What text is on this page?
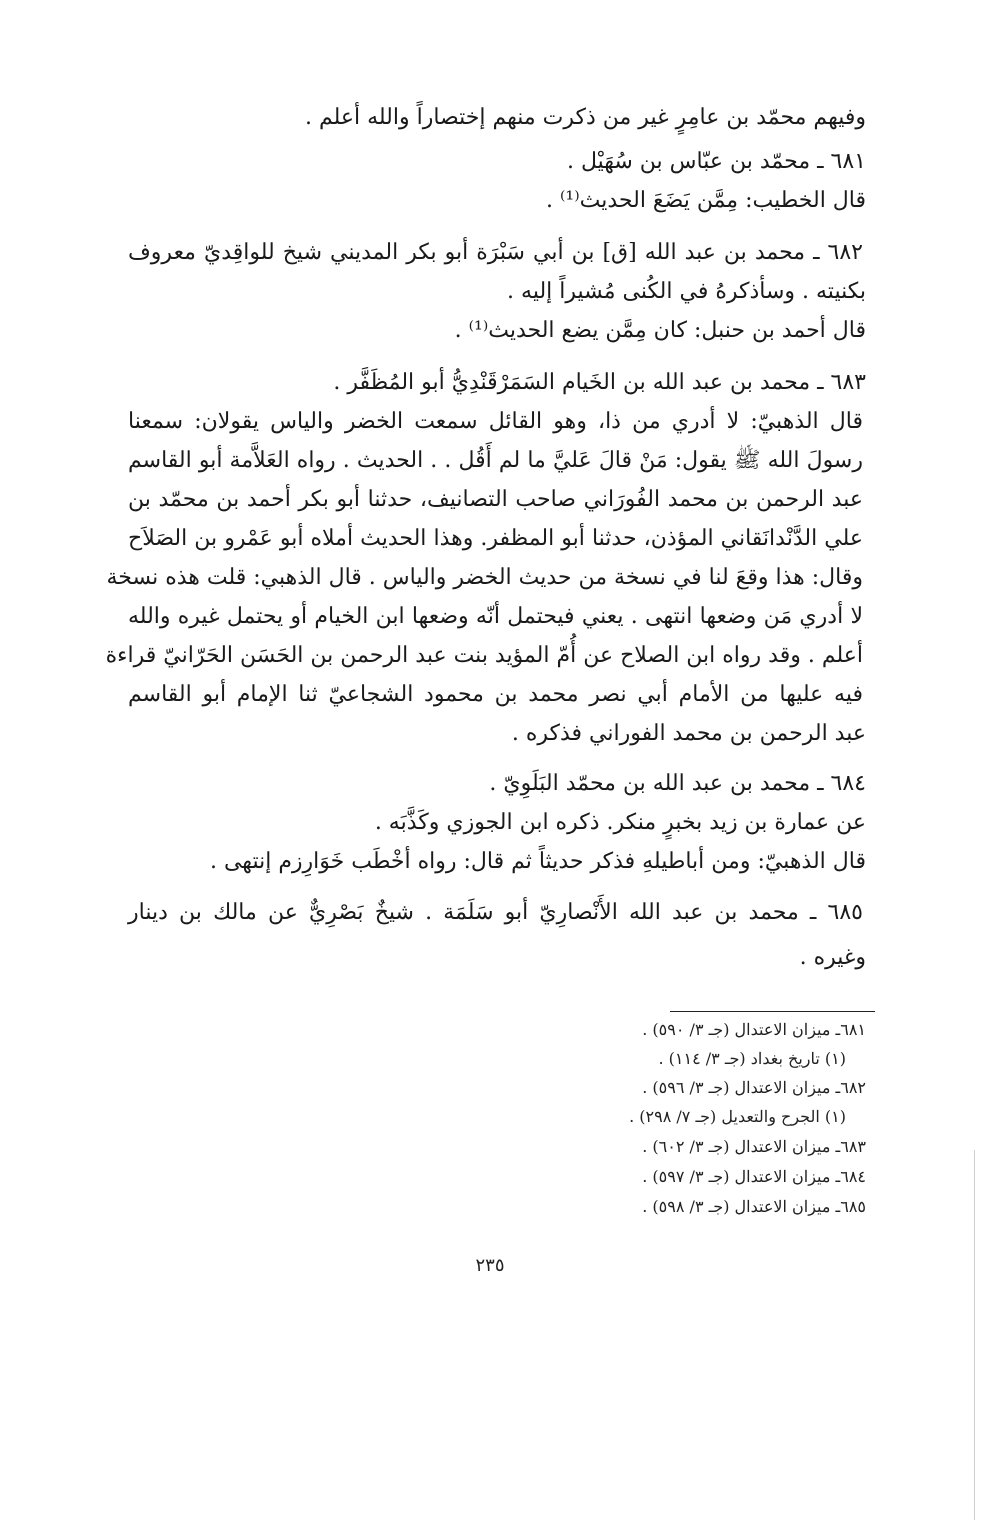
وفيهم محمّد بن عامِرٍ غير من ذكرت منهم إختصاراً والله أعلم .
٦٨١ ـ محمّد بن عبّاس بن سُهَيْل .
قال الخطيب: مِمَّن يَضَعَ الحديث⁽¹⁾ .
٦٨٢ ـ محمد بن عبد الله [ق] بن أبي سَبْرَة أبو بكر المديني شيخ للواقِديّ معروف
بكنيته . وسأذكرهُ في الكُنى مُشيراً إليه .
قال أحمد بن حنبل: كان مِمَّن يضع الحديث⁽¹⁾ .
٦٨٣ ـ محمد بن عبد الله بن الخَيام السَمَرْقَنْدِيُّ أبو المُظَفَّر .
قال الذهبيّ: لا أدري من ذا، وهو القائل سمعت الخضر والياس يقولان: سمعنا
رسولَ الله ﷺ يقول: مَنْ قالَ عَليَّ ما لم أَقُل . . الحديث . رواه العَلاَّمة أبو القاسم
عبد الرحمن بن محمد الفُورَاني صاحب التصانيف، حدثنا أبو بكر أحمد بن محمّد بن
علي الدَّنْدانَقاني المؤذن، حدثنا أبو المظفر. وهذا الحديث أملاه أبو عَمْرو بن الصَلاَح
وقال: هذا وقعَ لنا في نسخة من حديث الخضر والياس . قال الذهبي: قلت هذه نسخة
لا أدري مَن وضعها انتهى . يعني فيحتمل أنّه وضعها ابن الخيام أو يحتمل غيره والله
أعلم . وقد رواه ابن الصلاح عن أُمّ المؤيد بنت عبد الرحمن بن الحَسَن الحَرّانيّ قراءة
فيه عليها من الأمام أبي نصر محمد بن محمود الشجاعيّ ثنا الإمام أبو القاسم
عبد الرحمن بن محمد الفوراني فذكره .
٦٨٤ ـ محمد بن عبد الله بن محمّد البَلَوِيّ .
عن عمارة بن زيد بخبرٍ منكر. ذكره ابن الجوزي وكَذَّبَه .
قال الذهبيّ: ومن أباطيلهِ فذكر حديثاً ثم قال: رواه أخْطَب خَوَارِزم إنتهى .
٦٨٥ ـ محمد بن عبد الله الأَنْصارِيّ أبو سَلَمَة . شيخٌ بَصْرِيٌّ عن مالك بن دينار
وغيره .
٦٨١ـ ميزان الاعتدال (جـ ٣/ ٥٩٠) .
(١) تاريخ بغداد (جـ ٣/ ١١٤) .
٦٨٢ـ ميزان الاعتدال (جـ ٣/ ٥٩٦) .
(١) الجرح والتعديل (جـ ٧/ ٢٩٨) .
٦٨٣ـ ميزان الاعتدال (جـ ٣/ ٦٠٢) .
٦٨٤ـ ميزان الاعتدال (جـ ٣/ ٥٩٧) .
٦٨٥ـ ميزان الاعتدال (جـ ٣/ ٥٩٨) .
٢٣٥
